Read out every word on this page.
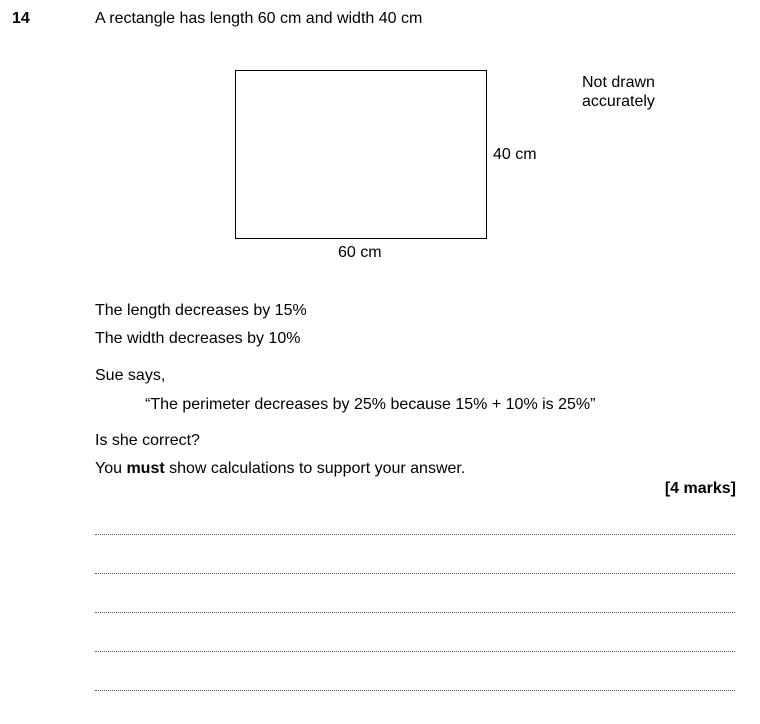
14	A rectangle has length 60 cm and width 40 cm
40 cm
60 cm
Not drawn
accurately
The length decreases by 15%
The width decreases by 10%
Sue says,
“The perimeter decreases by 25% because 15% + 10% is 25%”
Is she correct?
You must show calculations to support your answer.
[4 marks]
